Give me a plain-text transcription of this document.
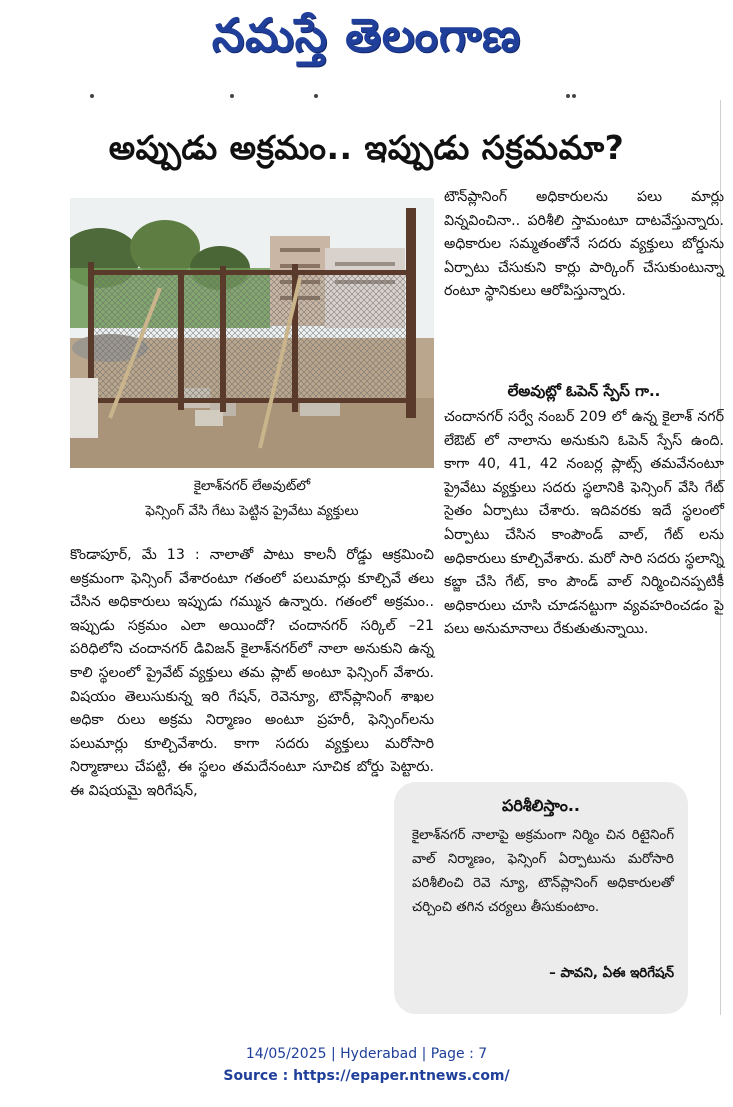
నమస్తే తెలంగాణ
అప్పుడు అక్రమం.. ఇప్పుడు సక్రమమా?
కైలాశ్‌నగర్ లేఅవుట్‌లో
ఫెన్సింగ్ వేసి గేటు పెట్టిన ప్రైవేటు వ్యక్తులు
టౌన్‌ప్లానింగ్ అధికారులను పలు మార్లు విన్నవించినా.. పరిశీలి స్తామంటూ దాటవేస్తున్నారు. అధికారుల సమ్మతంతోనే సదరు వ్యక్తులు బోర్డును ఏర్పాటు చేసుకుని కార్లు పార్కింగ్ చేసుకుంటున్నా రంటూ స్థానికులు ఆరోపిస్తున్నారు.
లేఅవుట్లో ఓపెన్ స్పేస్ గా..
చందానగర్ సర్వే నంబర్ 209 లో ఉన్న కైలాశ్ నగర్ లేఔట్ లో నాలాను అనుకుని ఓపెన్ స్పేస్ ఉంది. కాగా 40, 41, 42 నంబర్ల ప్లాట్స్ తమవేనంటూ ప్రైవేటు వ్యక్తులు సదరు స్థలానికి ఫెన్సింగ్ వేసి గేట్ సైతం ఏర్పాటు చేశారు. ఇదివరకు ఇదే స్థలంలో ఏర్పాటు చేసిన కాంపౌండ్ వాల్, గేట్ లను అధికారులు కూల్చివేశారు. మరో సారి సదరు స్థలాన్ని కబ్జా చేసి గేట్, కాం పౌండ్ వాల్ నిర్మించినప్పటికీ అధికారులు చూసి చూడనట్టుగా వ్యవహరించడం పై పలు అనుమానాలు రేకుతుతున్నాయి.
కొండాపూర్, మే 13 : నాలాతో పాటు కాలనీ రోడ్డు ఆక్రమించి అక్రమంగా ఫెన్సింగ్ వేశారంటూ గతంలో పలుమార్లు కూల్చివే తలు చేసిన అధికారులు ఇప్పుడు గమ్మున ఉన్నారు. గతంలో అక్రమం.. ఇప్పుడు సక్రమం ఎలా అయిందో? చందానగర్ సర్కిల్ –21 పరిధిలోని చందానగర్ డివిజన్ కైలాశ్‌నగర్‌లో నాలా అనుకుని ఉన్న కాలి స్థలంలో ప్రైవేట్ వ్యక్తులు తమ ప్లాట్ అంటూ ఫెన్సింగ్ వేశారు. విషయం తెలుసుకున్న ఇరి గేషన్, రెవెన్యూ, టౌన్‌ప్లానింగ్ శాఖల అధికా రులు అక్రమ నిర్మాణం అంటూ ప్రహరీ, ఫెన్సింగ్‌లను పలుమార్లు కూల్చివేశారు. కాగా సదరు వ్యక్తులు మరోసారి నిర్మాణాలు చేపట్టి, ఈ స్థలం తమదేనంటూ సూచిక బోర్డు పెట్టారు. ఈ విషయమై ఇరిగేషన్,
పరిశీలిస్తాం..
కైలాశ్‌నగర్ నాలాపై అక్రమంగా నిర్మిం చిన రిటైనింగ్ వాల్ నిర్మాణం, ఫెన్సింగ్ ఏర్పాటును మరోసారి పరిశీలించి రెవె న్యూ, టౌన్‌ప్లానింగ్ అధికారులతో చర్చించి తగిన చర్యలు తీసుకుంటాం.
– పావని, ఏఈ ఇరిగేషన్
14/05/2025 | Hyderabad | Page : 7
Source : https://epaper.ntnews.com/
